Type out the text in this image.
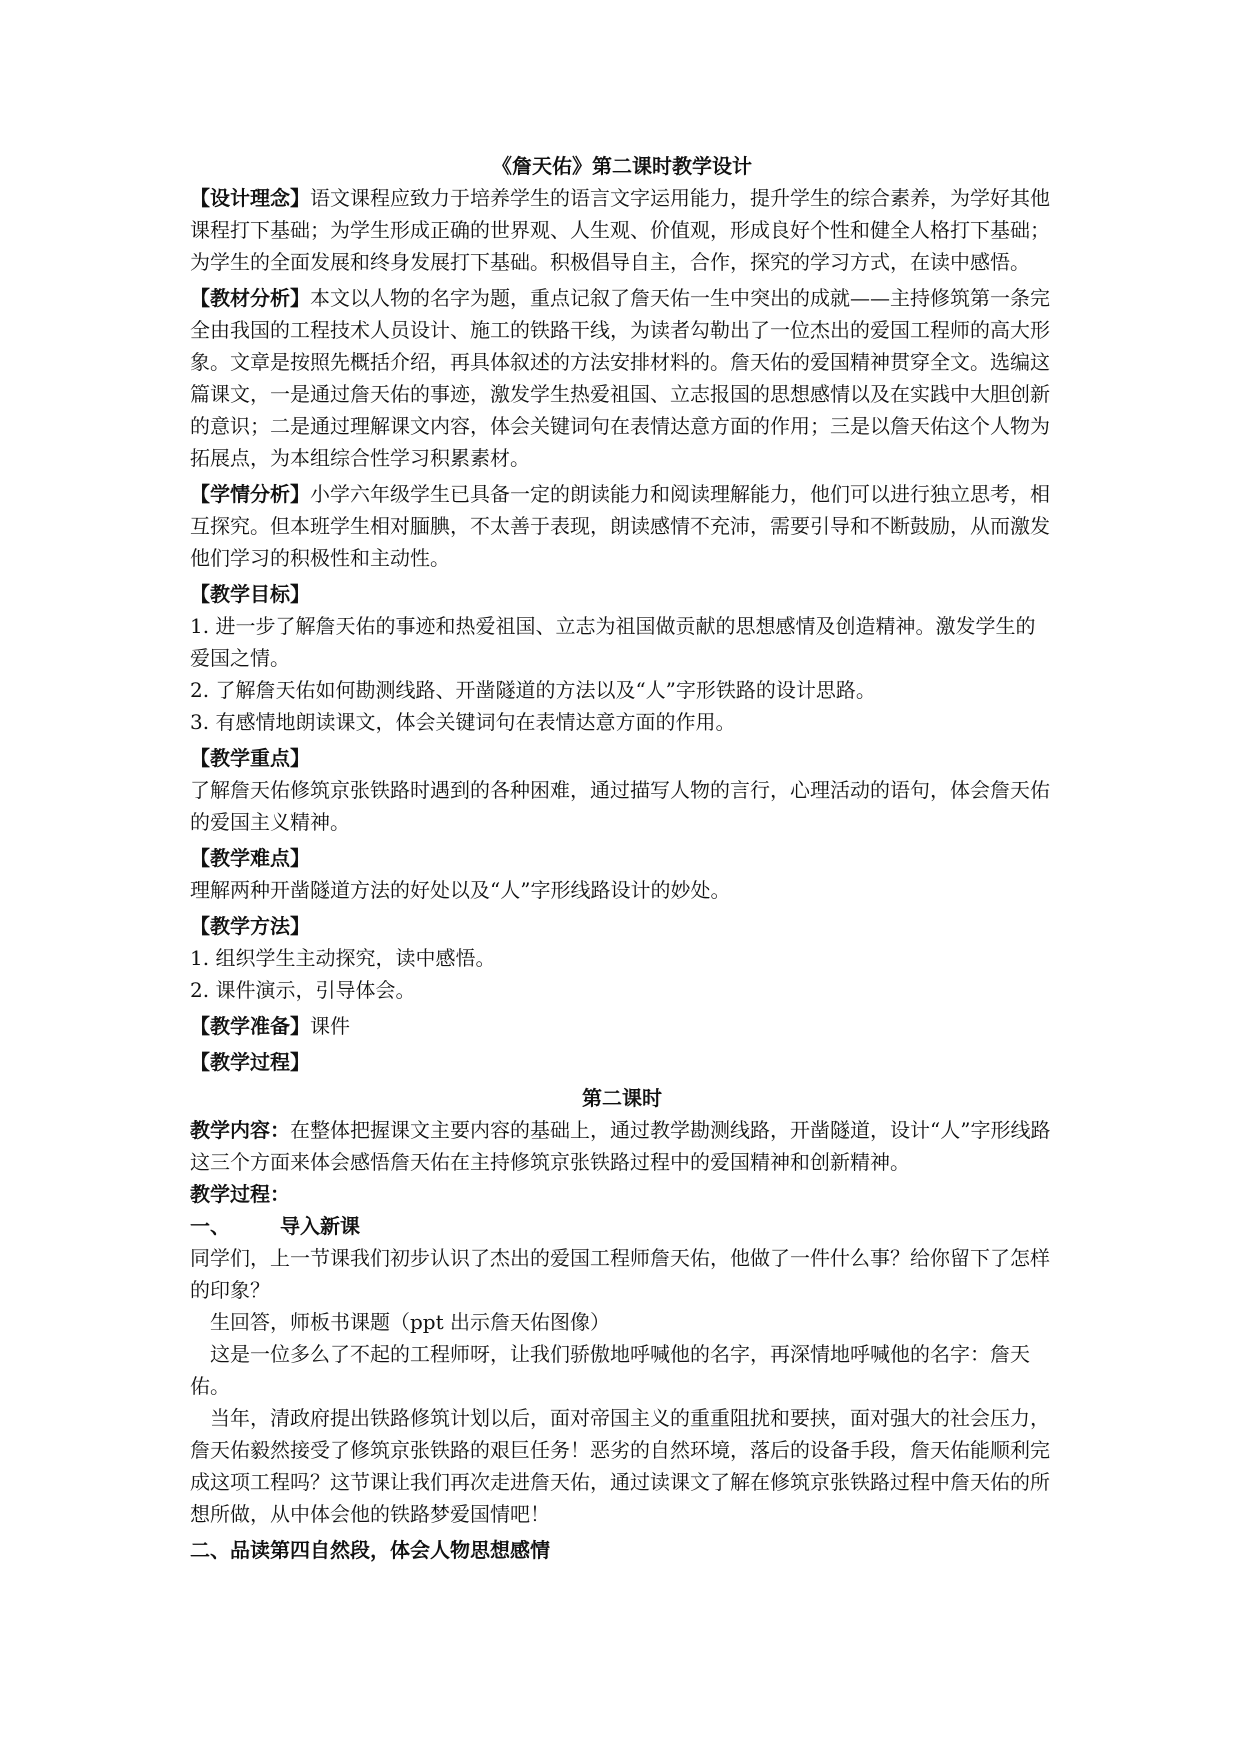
《詹天佑》第二课时教学设计

【设计理念】语文课程应致力于培养学生的语言文字运用能力，提升学生的综合素养，为学好其他课程打下基础；为学生形成正确的世界观、人生观、价值观，形成良好个性和健全人格打下基础；为学生的全面发展和终身发展打下基础。积极倡导自主，合作，探究的学习方式，在读中感悟。

【教材分析】本文以人物的名字为题，重点记叙了詹天佑一生中突出的成就——主持修筑第一条完全由我国的工程技术人员设计、施工的铁路干线，为读者勾勒出了一位杰出的爱国工程师的高大形象。文章是按照先概括介绍，再具体叙述的方法安排材料的。詹天佑的爱国精神贯穿全文。选编这篇课文，一是通过詹天佑的事迹，激发学生热爱祖国、立志报国的思想感情以及在实践中大胆创新的意识；二是通过理解课文内容，体会关键词句在表情达意方面的作用；三是以詹天佑这个人物为拓展点，为本组综合性学习积累素材。

【学情分析】小学六年级学生已具备一定的朗读能力和阅读理解能力，他们可以进行独立思考，相互探究。但本班学生相对腼腆，不太善于表现，朗读感情不充沛，需要引导和不断鼓励，从而激发他们学习的积极性和主动性。

【教学目标】

1. 进一步了解詹天佑的事迹和热爱祖国、立志为祖国做贡献的思想感情及创造精神。激发学生的爱国之情。

2. 了解詹天佑如何勘测线路、开凿隧道的方法以及“人”字形铁路的设计思路。

3. 有感情地朗读课文，体会关键词句在表情达意方面的作用。

【教学重点】

了解詹天佑修筑京张铁路时遇到的各种困难，通过描写人物的言行，心理活动的语句，体会詹天佑的爱国主义精神。

【教学难点】

理解两种开凿隧道方法的好处以及“人”字形线路设计的妙处。

【教学方法】

1. 组织学生主动探究，读中感悟。

2. 课件演示，引导体会。

【教学准备】课件

【教学过程】

第二课时

教学内容：在整体把握课文主要内容的基础上，通过教学勘测线路，开凿隧道，设计“人”字形线路这三个方面来体会感悟詹天佑在主持修筑京张铁路过程中的爱国精神和创新精神。

教学过程：

一、	导入新课

同学们，上一节课我们初步认识了杰出的爱国工程师詹天佑，他做了一件什么事？给你留下了怎样的印象？

生回答，师板书课题（ppt 出示詹天佑图像）

这是一位多么了不起的工程师呀，让我们骄傲地呼喊他的名字，再深情地呼喊他的名字：詹天佑。

当年，清政府提出铁路修筑计划以后，面对帝国主义的重重阻扰和要挟，面对强大的社会压力，詹天佑毅然接受了修筑京张铁路的艰巨任务！恶劣的自然环境，落后的设备手段，詹天佑能顺利完成这项工程吗？这节课让我们再次走进詹天佑，通过读课文了解在修筑京张铁路过程中詹天佑的所想所做，从中体会他的铁路梦爱国情吧！

二、品读第四自然段，体会人物思想感情
